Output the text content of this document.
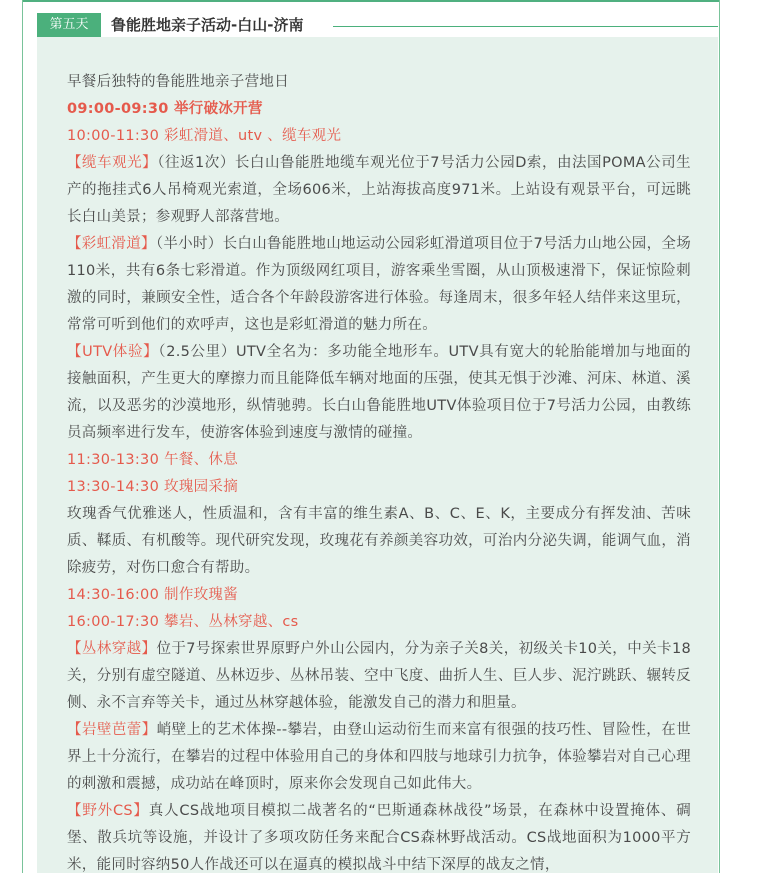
第五天	鲁能胜地亲子活动-白山-济南

早餐后独特的鲁能胜地亲子营地日

09:00-09:30 举行破冰开营

10:00-11:30 彩虹滑道、utv 、缆车观光

【缆车观光】（往返1次）长白山鲁能胜地缆车观光位于7号活力公园D索，由法国POMA公司生产的拖挂式6人吊椅观光索道，全场606米，上站海拔高度971米。上站设有观景平台，可远眺长白山美景；参观野人部落营地。

【彩虹滑道】（半小时）长白山鲁能胜地山地运动公园彩虹滑道项目位于7号活力山地公园，全场110米，共有6条七彩滑道。作为顶级网红项目，游客乘坐雪圈，从山顶极速滑下，保证惊险刺激的同时，兼顾安全性，适合各个年龄段游客进行体验。每逢周末，很多年轻人结伴来这里玩，常常可听到他们的欢呼声，这也是彩虹滑道的魅力所在。

【UTV体验】（2.5公里）UTV全名为：多功能全地形车。UTV具有宽大的轮胎能增加与地面的接触面积，产生更大的摩擦力而且能降低车辆对地面的压强，使其无惧于沙滩、河床、林道、溪流，以及恶劣的沙漠地形，纵情驰骋。长白山鲁能胜地UTV体验项目位于7号活力公园，由教练员高频率进行发车，使游客体验到速度与激情的碰撞。

11:30-13:30 午餐、休息

13:30-14:30 玫瑰园采摘

玫瑰香气优雅迷人，性质温和，含有丰富的维生素A、B、C、E、K，主要成分有挥发油、苦味质、鞣质、有机酸等。现代研究发现，玫瑰花有养颜美容功效，可治内分泌失调，能调气血，消除疲劳，对伤口愈合有帮助。

14:30-16:00 制作玫瑰酱

16:00-17:30 攀岩、丛林穿越、cs

【丛林穿越】位于7号探索世界原野户外山公园内，分为亲子关8关，初级关卡10关，中关卡18关，分别有虚空隧道、丛林迈步、丛林吊装、空中飞度、曲折人生、巨人步、泥泞跳跃、辗转反侧、永不言弃等关卡，通过丛林穿越体验，能激发自己的潜力和胆量。

【岩壁芭蕾】峭壁上的艺术体操--攀岩，由登山运动衍生而来富有很强的技巧性、冒险性，在世界上十分流行，在攀岩的过程中体验用自己的身体和四肢与地球引力抗争，体验攀岩对自己心理的刺激和震撼，成功站在峰顶时，原来你会发现自己如此伟大。

【野外CS】真人CS战地项目模拟二战著名的“巴斯通森林战役”场景，在森林中设置掩体、碉堡、散兵坑等设施，并设计了多项攻防任务来配合CS森林野战活动。CS战地面积为1000平方米，能同时容纳50人作战还可以在逼真的模拟战斗中结下深厚的战友之情，
